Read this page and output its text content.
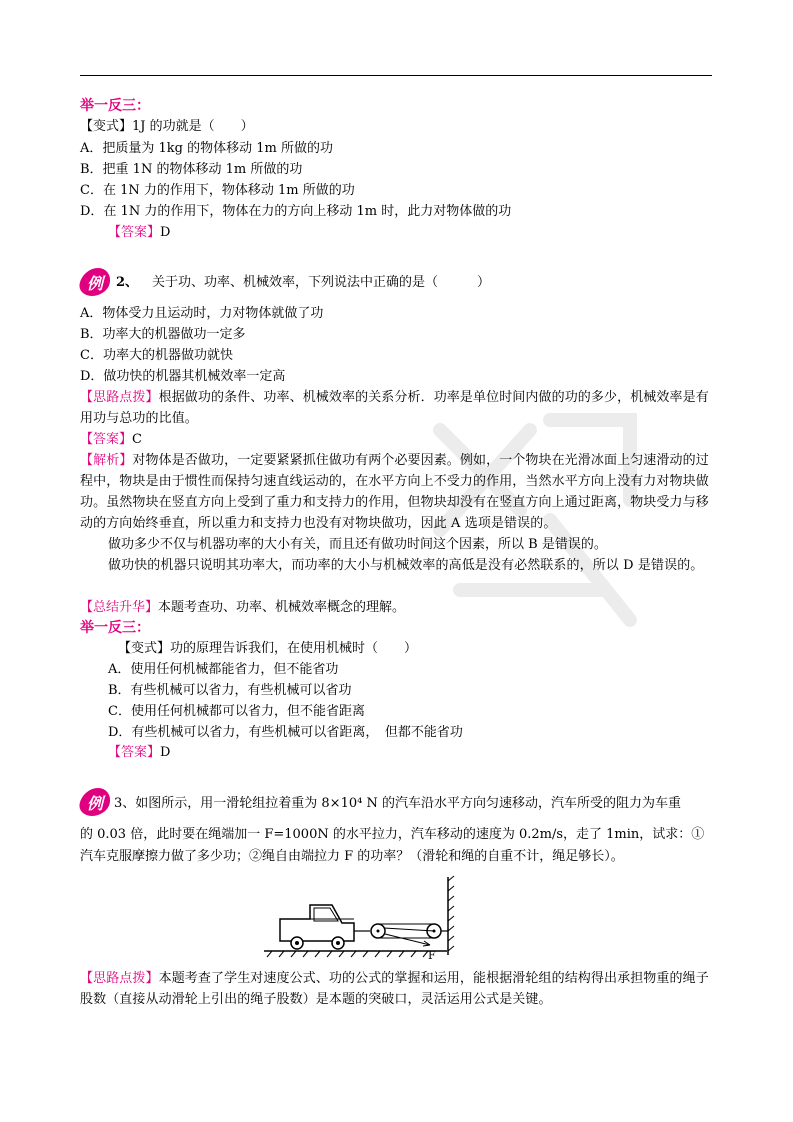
举一反三：
【变式】1J 的功就是（　　）
A．把质量为 1kg 的物体移动 1m 所做的功
B．把重 1N 的物体移动 1m 所做的功
C．在 1N 力的作用下，物体移动 1m 所做的功
D．在 1N 力的作用下，物体在力的方向上移动 1m 时，此力对物体做的功
【答案】D
例 2、 关于功、功率、机械效率，下列说法中正确的是（　　　）
A．物体受力且运动时，力对物体就做了功
B．功率大的机器做功一定多
C．功率大的机器做功就快
D．做功快的机器其机械效率一定高
【思路点拨】根据做功的条件、功率、机械效率的关系分析．功率是单位时间内做的功的多少，机械效率是有用功与总功的比值。
【答案】C
【解析】对物体是否做功，一定要紧紧抓住做功有两个必要因素。例如，一个物块在光滑冰面上匀速滑动的过程中，物块是由于惯性而保持匀速直线运动的，在水平方向上不受力的作用，当然水平方向上没有力对物块做功。虽然物块在竖直方向上受到了重力和支持力的作用，但物块却没有在竖直方向上通过距离，物块受力与移动的方向始终垂直，所以重力和支持力也没有对物块做功，因此 A 选项是错误的。
做功多少不仅与机器功率的大小有关，而且还有做功时间这个因素，所以 B 是错误的。
做功快的机器只说明其功率大，而功率的大小与机械效率的高低是没有必然联系的，所以 D 是错误的。
【总结升华】本题考查功、功率、机械效率概念的理解。
举一反三：
【变式】功的原理告诉我们，在使用机械时（　　）
A．使用任何机械都能省力，但不能省功
B．有些机械可以省力，有些机械可以省功
C．使用任何机械都可以省力，但不能省距离
D．有些机械可以省力，有些机械可以省距离，　但都不能省功
【答案】D
例 3、如图所示，用一滑轮组拉着重为 8×10⁴ N 的汽车沿水平方向匀速移动，汽车所受的阻力为车重
的 0.03 倍，此时要在绳端加一 F=1000N 的水平拉力，汽车移动的速度为 0.2m/s，走了 1min，试求：①
汽车克服摩擦力做了多少功；②绳自由端拉力 F 的功率？（滑轮和绳的自重不计，绳足够长）。
F
【思路点拨】本题考查了学生对速度公式、功的公式的掌握和运用，能根据滑轮组的结构得出承担物重的绳子股数（直接从动滑轮上引出的绳子股数）是本题的突破口，灵活运用公式是关键。
